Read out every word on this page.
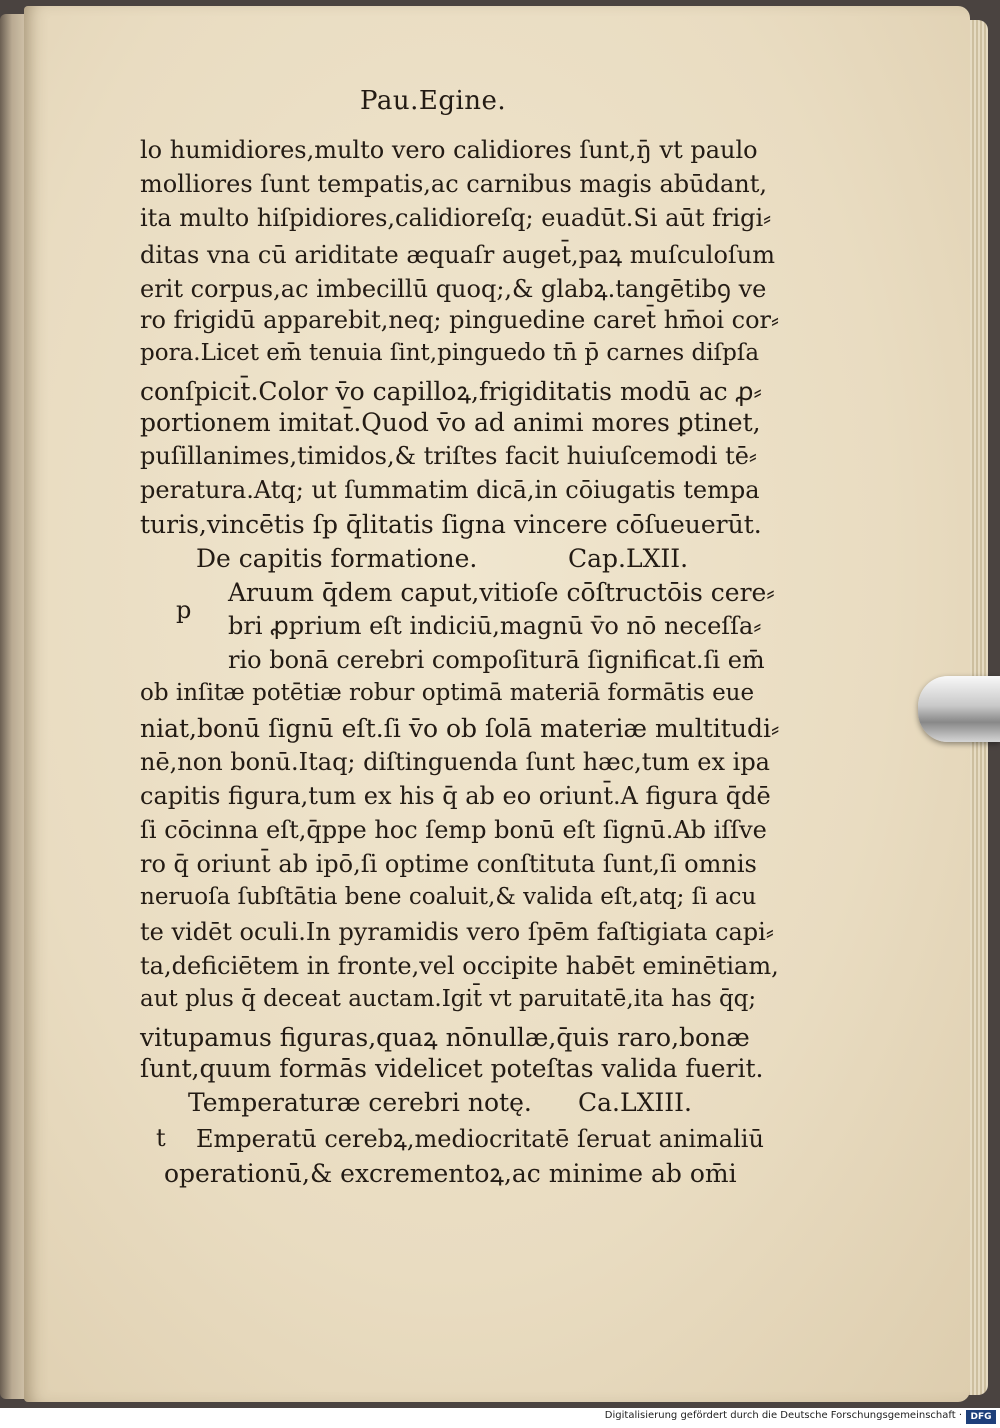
Pau.Egine.
lo humidiores,multo vero calidiores ſunt,ŋ̄ vt paulo
molliores ſunt tempatis,ac carnibus magis abūdant,
ita multo hiſpidiores,calidioreſq; euadūt.Si aūt frigi⸗
ditas vna cū ariditate æquaſr auget̄,paꝝ muſculoſum
erit corpus,ac imbecillū quoq;,& glabꝝ.tangētibꝯ ve
ro frigidū apparebit,neq; pinguedine caret̄ hm̄oi cor⸗
pora.Licet em̄ tenuia ſint,pinguedo tn̄ p̄ carnes diſpſa
conſpicit̄.Color v̄o capilloꝝ,frigiditatis modū ac ꝓ⸗
portionem imitat̄.Quod v̄o ad animi mores ꝑtinet,
puſillanimes,timidos,& triſtes facit huiuſcemodi tē⸗
peratura.Atq; ut ſummatim dicā,in cōiugatis tempa
turis,vincētis ſp q̄litatis ſigna vincere cōſueuerūt.
De capitis formatione.	Cap.LXII.
p
Aruum q̄dem caput,vitioſe cōſtructōis cere⸗
bri ꝓprium eſt indiciū,magnū v̄o nō neceſſa⸗
rio bonā cerebri compoſiturā ſignificat.ſi em̄
ob inſitæ potētiæ robur optimā materiā formātis eue
niat,bonū ſignū eſt.ſi v̄o ob ſolā materiæ multitudi⸗
nē,non bonū.Itaq; diſtinguenda ſunt hæc,tum ex ipa
capitis figura,tum ex his q̄ ab eo oriunt̄.A figura q̄dē
ſi cōcinna eſt,q̄ppe hoc ſemp bonū eſt ſignū.Ab iſſve
ro q̄ oriunt̄ ab ipō,ſi optime conſtituta ſunt,ſi omnis
neruoſa ſubſtātia bene coaluit,& valida eſt,atq; ſi acu
te vidēt oculi.In pyramidis vero ſpēm faſtigiata capi⸗
ta,deficiētem in fronte,vel occipite habēt eminētiam,
aut plus q̄ deceat auctam.Igit̄ vt paruitatē,ita has q̄q;
vitupamus figuras,quaꝝ nōnullæ,q̄uis raro,bonæ
ſunt,quum formās videlicet poteſtas valida fuerit.
Temperaturæ cerebri notę. Ca.LXIII.
t Emperatū cerebꝝ,mediocritatē ſeruat animaliū
operationū,& excrementoꝝ,ac minime ab om̄i
Digitalisierung gefördert durch die Deutsche Forschungsgemeinschaft · DFG
